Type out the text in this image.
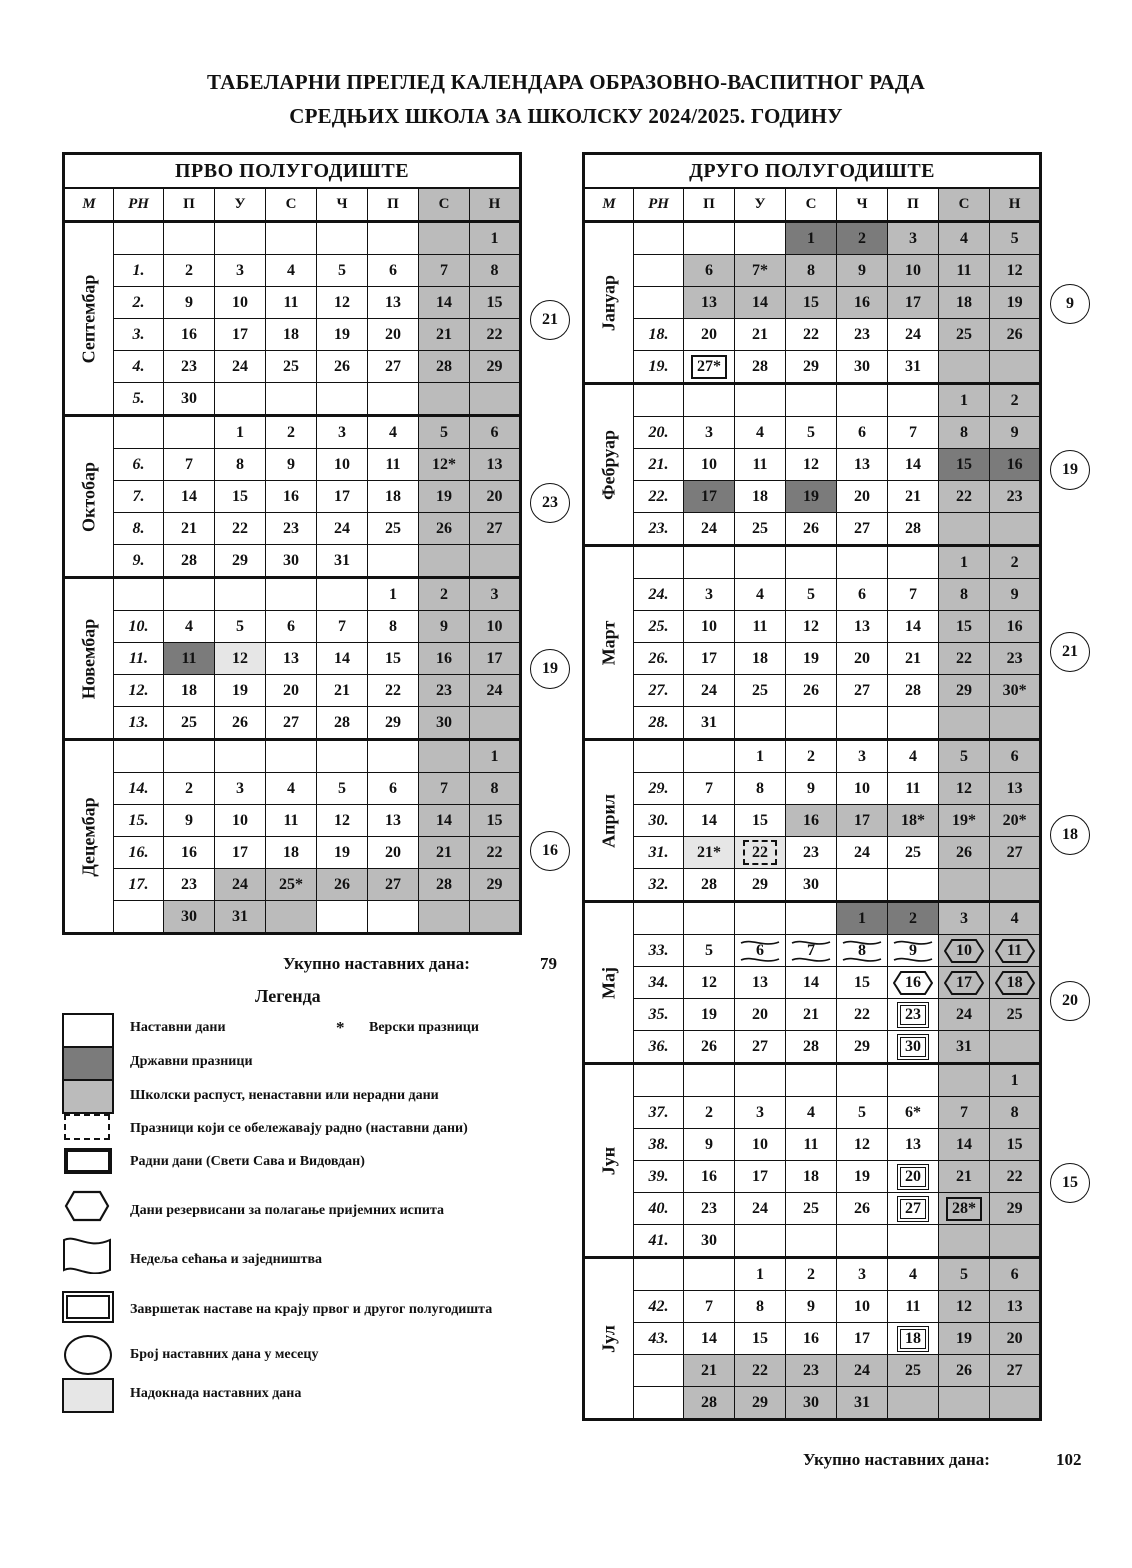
ТАБЕЛАРНИ ПРЕГЛЕД КАЛЕНДАРА ОБРАЗОВНО-ВАСПИТНОГ РАДА
СРЕДЊИХ ШКОЛА ЗА ШКОЛСКУ 2024/2025. ГОДИНУ
ПРВО ПОЛУГОДИШТЕ								
М	РН	П	У	С	Ч	П	С	Н

Септембар								1
	1.	2	3	4	5	6	7	8
	2.	9	10	11	12	13	14	15
	3.	16	17	18	19	20	21	22
	4.	23	24	25	26	27	28	29
	5.	30						

Октобар			1	2	3	4	5	6
	6.	7	8	9	10	11	12*	13
	7.	14	15	16	17	18	19	20
	8.	21	22	23	24	25	26	27
	9.	28	29	30	31			

Новембар						1	2	3
	10.	4	5	6	7	8	9	10
	11.	11	12	13	14	15	16	17
	12.	18	19	20	21	22	23	24
	13.	25	26	27	28	29	30	

Децембар								1
	14.	2	3	4	5	6	7	8
	15.	9	10	11	12	13	14	15
	16.	16	17	18	19	20	21	22
	17.	23	24	25*	26	27	28	29
		30	31					
ДРУГО ПОЛУГОДИШТЕ								
М	РН	П	У	С	Ч	П	С	Н

Јануар				1	2	3	4	5
		6	7*	8	9	10	11	12
		13	14	15	16	17	18	19
	18.	20	21	22	23	24	25	26
	19.	27*	28	29	30	31		

Фебруар							1	2
	20.	3	4	5	6	7	8	9
	21.	10	11	12	13	14	15	16
	22.	17	18	19	20	21	22	23
	23.	24	25	26	27	28		

Март							1	2
	24.	3	4	5	6	7	8	9
	25.	10	11	12	13	14	15	16
	26.	17	18	19	20	21	22	23
	27.	24	25	26	27	28	29	30*
	28.	31						

Април			1	2	3	4	5	6
	29.	7	8	9	10	11	12	13
	30.	14	15	16	17	18*	19*	20*
	31.	21*	22	23	24	25	26	27
	32.	28	29	30				

Мај					1	2	3	4
	33.	5	6	7	8	9	10	11
	34.	12	13	14	15	16	17	18
	35.	19	20	21	22	23	24	25
	36.	26	27	28	29	30	31	

Јун								1
	37.	2	3	4	5	6*	7	8
	38.	9	10	11	12	13	14	15
	39.	16	17	18	19	20	21	22
	40.	23	24	25	26	27	28*	29
	41.	30						

Јул			1	2	3	4	5	6
	42.	7	8	9	10	11	12	13
	43.	14	15	16	17	18	19	20
		21	22	23	24	25	26	27
		28	29	30	31			
Укупно наставних дана:	79
Укупно наставних дана:	102
Легенда
Наставни дани	* Верски празници
Државни празници
Школски распуст, ненаставни или нерадни дани
Празници који се обележавају радно (наставни дани)
Радни дани (Свети Сава и Видовдан)
Дани резервисани за полагање пријемних испита
Недеља сећања и заједништва
Завршетак наставе на крају првог и другог полугодишта
Број наставних дана у месецу
Надокнада наставних дана
21
23
19
16
9
19
21
18
20
15
